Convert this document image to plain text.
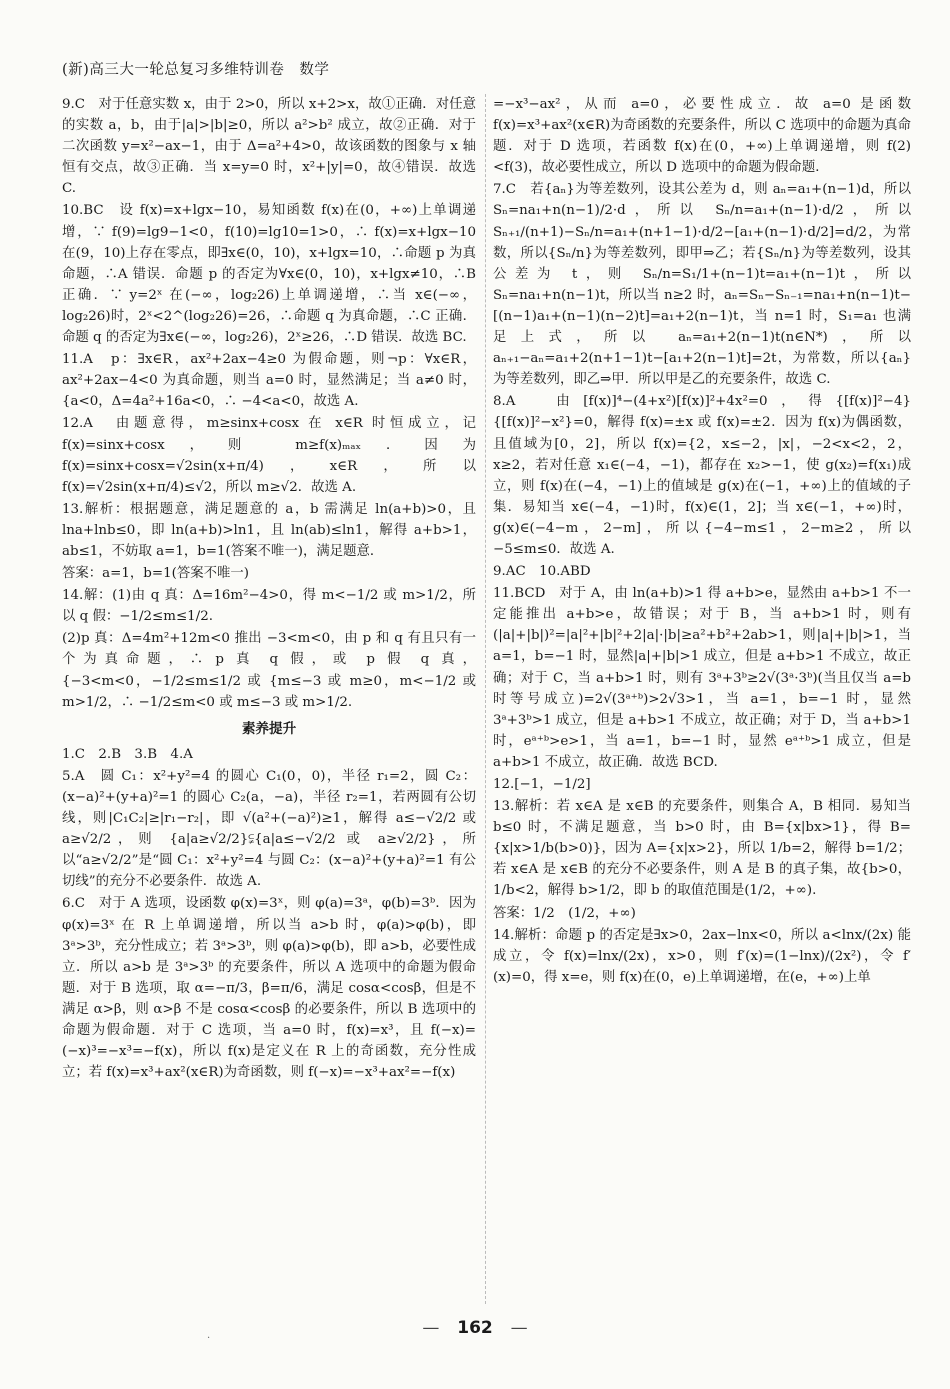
(新)高三大一轮总复习多维特训卷　数学

9.C　对于任意实数 x，由于 2>0，所以 x+2>x，故①正确．对任意的实数 a，b，由于|a|>|b|≥0，所以 a²>b² 成立，故②正确．对于二次函数 y=x²−ax−1，由于 Δ=a²+4>0，故该函数的图象与 x 轴恒有交点，故③正确．当 x=y=0 时，x²+|y|=0，故④错误．故选 C.

10.BC　设 f(x)=x+lgx−10，易知函数 f(x)在(0，+∞)上单调递增，∵ f(9)=lg9−1<0，f(10)=lg10=1>0，∴ f(x)=x+lgx−10 在(9，10)上存在零点，即∃x∈(0，10)，x+lgx=10，∴命题 p 为真命题，∴A 错误．命题 p 的否定为∀x∈(0，10)，x+lgx≠10，∴B 正确．∵ y=2ˣ 在(−∞，log₂26)上单调递增，∴当 x∈(−∞，log₂26)时，2ˣ<2^(log₂26)=26，∴命题 q 为真命题，∴C 正确．命题 q 的否定为∃x∈(−∞，log₂26)，2ˣ≥26，∴D 错误．故选 BC.

11.A　p：∃x∈R，ax²+2ax−4≥0 为假命题，则¬p：∀x∈R，ax²+2ax−4<0 为真命题，则当 a=0 时，显然满足；当 a≠0 时，{a<0，Δ=4a²+16a<0，∴ −4<a<0，故选 A.

12.A　由题意得，m≥sinx+cosx 在 x∈R 时恒成立，记 f(x)=sinx+cosx，则 m≥f(x)ₘₐₓ．因为 f(x)=sinx+cosx=√2sin(x+π/4)，x∈R，所以 f(x)=√2sin(x+π/4)≤√2，所以 m≥√2．故选 A.

13.解析：根据题意，满足题意的 a，b 需满足 ln(a+b)>0，且 lna+lnb≤0，即 ln(a+b)>ln1，且 ln(ab)≤ln1，解得 a+b>1，ab≤1，不妨取 a=1，b=1(答案不唯一)，满足题意．

答案：a=1，b=1(答案不唯一)

14.解：(1)由 q 真：Δ=16m²−4>0，得 m<−1/2 或 m>1/2，所以 q 假：−1/2≤m≤1/2.

(2)p 真：Δ=4m²+12m<0 推出 −3<m<0，由 p 和 q 有且只有一个为真命题，∴ p 真 q 假，或 p 假 q 真，{−3<m<0，−1/2≤m≤1/2 或 {m≤−3 或 m≥0，m<−1/2 或 m>1/2，∴ −1/2≤m<0 或 m≤−3 或 m>1/2.

素养提升

1.C　2.B　3.B　4.A

5.A　圆 C₁：x²+y²=4 的圆心 C₁(0，0)，半径 r₁=2，圆 C₂：(x−a)²+(y+a)²=1 的圆心 C₂(a，−a)，半径 r₂=1，若两圆有公切线，则|C₁C₂|≥|r₁−r₂|，即 √(a²+(−a)²)≥1，解得 a≤−√2/2 或 a≥√2/2，则 {a|a≥√2/2}⫋{a|a≤−√2/2 或 a≥√2/2}，所以“a≥√2/2”是“圆 C₁：x²+y²=4 与圆 C₂：(x−a)²+(y+a)²=1 有公切线”的充分不必要条件．故选 A.

6.C　对于 A 选项，设函数 φ(x)=3ˣ，则 φ(a)=3ᵃ，φ(b)=3ᵇ．因为 φ(x)=3ˣ 在 R 上单调递增，所以当 a>b 时，φ(a)>φ(b)，即 3ᵃ>3ᵇ，充分性成立；若 3ᵃ>3ᵇ，则 φ(a)>φ(b)，即 a>b，必要性成立．所以 a>b 是 3ᵃ>3ᵇ 的充要条件，所以 A 选项中的命题为假命题．对于 B 选项，取 α=−π/3，β=π/6，满足 cosα<cosβ，但是不满足 α>β，则 α>β 不是 cosα<cosβ 的必要条件，所以 B 选项中的命题为假命题．对于 C 选项，当 a=0 时，f(x)=x³，且 f(−x)=(−x)³=−x³=−f(x)，所以 f(x)是定义在 R 上的奇函数，充分性成立；若 f(x)=x³+ax²(x∈R)为奇函数，则 f(−x)=−x³+ax²=−f(x)

=−x³−ax²，从而 a=0，必要性成立．故 a=0 是函数 f(x)=x³+ax²(x∈R)为奇函数的充要条件，所以 C 选项中的命题为真命题．对于 D 选项，若函数 f(x)在(0，+∞)上单调递增，则 f(2)<f(3)，故必要性成立，所以 D 选项中的命题为假命题．

7.C　若{aₙ}为等差数列，设其公差为 d，则 aₙ=a₁+(n−1)d，所以 Sₙ=na₁+n(n−1)/2·d，所以 Sₙ/n=a₁+(n−1)·d/2，所以 Sₙ₊₁/(n+1)−Sₙ/n=a₁+(n+1−1)·d/2−[a₁+(n−1)·d/2]=d/2，为常数，所以{Sₙ/n}为等差数列，即甲⇒乙；若{Sₙ/n}为等差数列，设其公差为 t，则 Sₙ/n=S₁/1+(n−1)t=a₁+(n−1)t，所以 Sₙ=na₁+n(n−1)t，所以当 n≥2 时，aₙ=Sₙ−Sₙ₋₁=na₁+n(n−1)t−[(n−1)a₁+(n−1)(n−2)t]=a₁+2(n−1)t，当 n=1 时，S₁=a₁ 也满足上式，所以 aₙ=a₁+2(n−1)t(n∈N*)，所以 aₙ₊₁−aₙ=a₁+2(n+1−1)t−[a₁+2(n−1)t]=2t，为常数，所以{aₙ}为等差数列，即乙⇒甲．所以甲是乙的充要条件，故选 C.

8.A　由[f(x)]⁴−(4+x²)[f(x)]²+4x²=0，得{[f(x)]²−4}{[f(x)]²−x²}=0，解得 f(x)=±x 或 f(x)=±2．因为 f(x)为偶函数，且值域为[0，2]，所以 f(x)={2，x≤−2，|x|，−2<x<2，2，x≥2，若对任意 x₁∈(−4，−1)，都存在 x₂>−1，使 g(x₂)=f(x₁)成立，则 f(x)在(−4，−1)上的值域是 g(x)在(−1，+∞)上的值域的子集．易知当 x∈(−4，−1)时，f(x)∈(1，2]；当 x∈(−1，+∞)时，g(x)∈(−4−m，2−m]，所以{−4−m≤1，2−m≥2，所以 −5≤m≤0．故选 A.

9.AC　10.ABD

11.BCD　对于 A，由 ln(a+b)>1 得 a+b>e，显然由 a+b>1 不一定能推出 a+b>e，故错误；对于 B，当 a+b>1 时，则有(|a|+|b|)²=|a|²+|b|²+2|a|·|b|≥a²+b²+2ab>1，则|a|+|b|>1，当 a=1，b=−1 时，显然|a|+|b|>1 成立，但是 a+b>1 不成立，故正确；对于 C，当 a+b>1 时，则有 3ᵃ+3ᵇ≥2√(3ᵃ·3ᵇ)(当且仅当 a=b 时等号成立)=2√(3ᵃ⁺ᵇ)>2√3>1，当 a=1，b=−1 时，显然 3ᵃ+3ᵇ>1 成立，但是 a+b>1 不成立，故正确；对于 D，当 a+b>1 时，eᵃ⁺ᵇ>e>1，当 a=1，b=−1 时，显然 eᵃ⁺ᵇ>1 成立，但是 a+b>1 不成立，故正确．故选 BCD.

12.[−1，−1/2]

13.解析：若 x∈A 是 x∈B 的充要条件，则集合 A，B 相同．易知当 b≤0 时，不满足题意，当 b>0 时，由 B={x|bx>1}，得 B={x|x>1/b(b>0)}，因为 A={x|x>2}，所以 1/b=2，解得 b=1/2；若 x∈A 是 x∈B 的充分不必要条件，则 A 是 B 的真子集，故{b>0，1/b<2，解得 b>1/2，即 b 的取值范围是(1/2，+∞).

答案：1/2　(1/2，+∞)

14.解析：命题 p 的否定是∃x>0，2ax−lnx<0，所以 a<lnx/(2x) 能成立，令 f(x)=lnx/(2x)，x>0，则 f′(x)=(1−lnx)/(2x²)，令 f′(x)=0，得 x=e，则 f(x)在(0，e)上单调递增，在(e，+∞)上单

.	— 162 —
